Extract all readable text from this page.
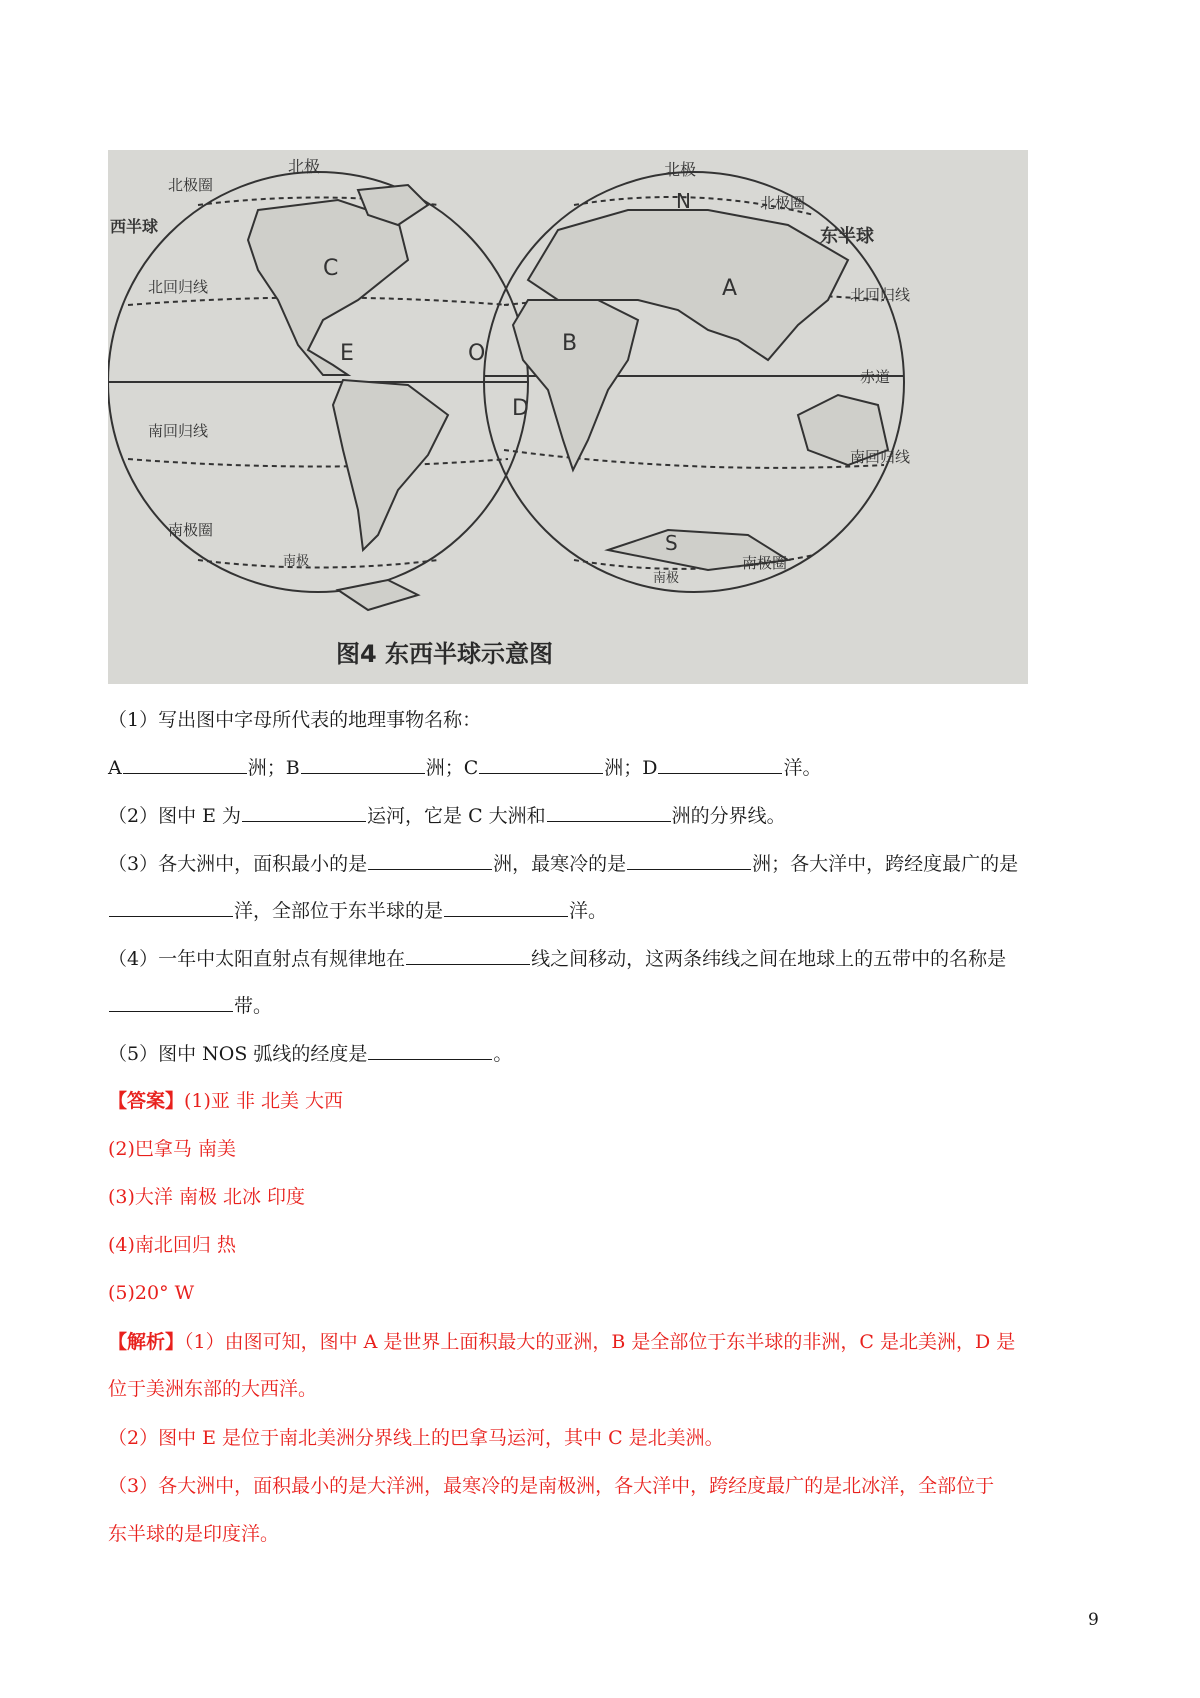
北极
北极圈
西半球
北回归线
南回归线
南极圈
南极
北极
北极圈
东半球
北回归线
赤道
南回归线
南极圈
南极
A
B
C
D
E	O
N
S
图4 东西半球示意图
（1）写出图中字母所代表的地理事物名称：
A	洲；B	洲；C	洲；D	洋。
（2）图中 E 为	运河，它是 C 大洲和	洲的分界线。
（3）各大洲中，面积最小的是	洲，最寒冷的是	洲；各大洋中，跨经度最广的是
洋，全部位于东半球的是	洋。
（4）一年中太阳直射点有规律地在	线之间移动，这两条纬线之间在地球上的五带中的名称是
带。
（5）图中 NOS 弧线的经度是	。
【答案】(1)亚 非 北美 大西
(2)巴拿马 南美
(3)大洋 南极 北冰 印度
(4)南北回归 热
(5)20° W
【解析】（1）由图可知，图中 A 是世界上面积最大的亚洲，B 是全部位于东半球的非洲，C 是北美洲，D 是
位于美洲东部的大西洋。
（2）图中 E 是位于南北美洲分界线上的巴拿马运河，其中 C 是北美洲。
（3）各大洲中，面积最小的是大洋洲，最寒冷的是南极洲，各大洋中，跨经度最广的是北冰洋，全部位于
东半球的是印度洋。
9
